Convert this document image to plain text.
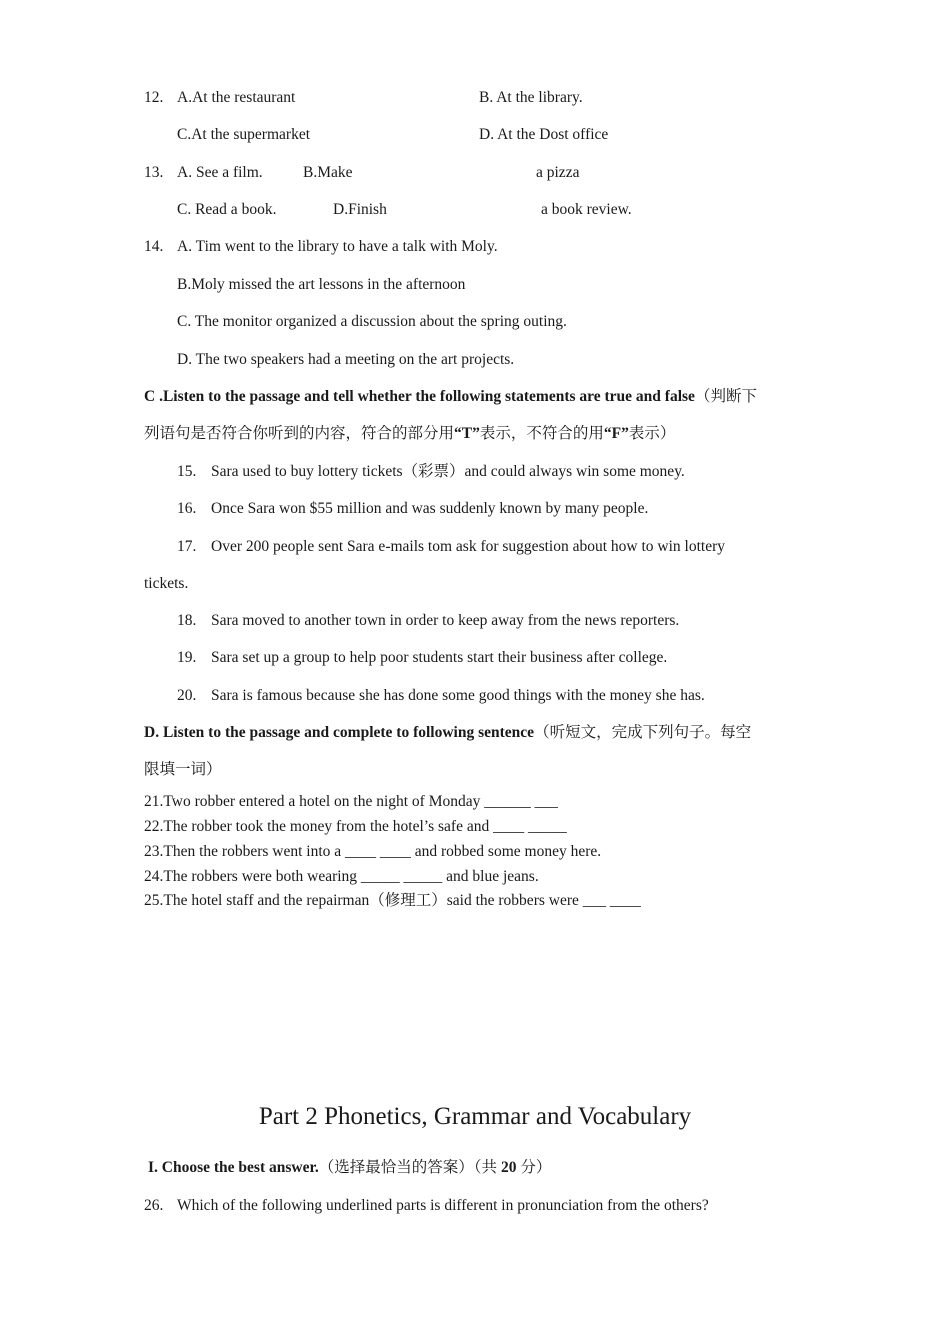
12. A.At the restaurant	B. At the library.
C.At the supermarket	D. At the Dost office
13. A. See a film.	B.Make	a pizza
C. Read a book.	D.Finish	a book review.
14. A. Tim went to the library to have a talk with Moly.
B.Moly missed the art lessons in the afternoon
C. The monitor organized a discussion about the spring outing.
D. The two speakers had a meeting on the art projects.
C .Listen to the passage and tell whether the following statements are true and false（判断下
列语句是否符合你听到的内容，符合的部分用“T”表示，不符合的用“F”表示）
15. Sara used to buy lottery tickets（彩票）and could always win some money.
16. Once Sara won $55 million and was suddenly known by many people.
17. Over 200 people sent Sara e-mails tom ask for suggestion about how to win lottery
tickets.
18. Sara moved to another town in order to keep away from the news reporters.
19. Sara set up a group to help poor students start their business after college.
20. Sara is famous because she has done some good things with the money she has.
D. Listen to the passage and complete to following sentence（听短文，完成下列句子。每空
限填一词）
21.Two robber entered a hotel on the night of Monday ______ ___
22.The robber took the money from the hotel’s safe and ____ _____
23.Then the robbers went into a ____ ____ and robbed some money here.
24.The robbers were both wearing _____ _____ and blue jeans.
25.The hotel staff and the repairman（修理工）said the robbers were ___ ____
Part 2 Phonetics, Grammar and Vocabulary
I. Choose the best answer.（选择最恰当的答案）（共 20 分）
26. Which of the following underlined parts is different in pronunciation from the others?
